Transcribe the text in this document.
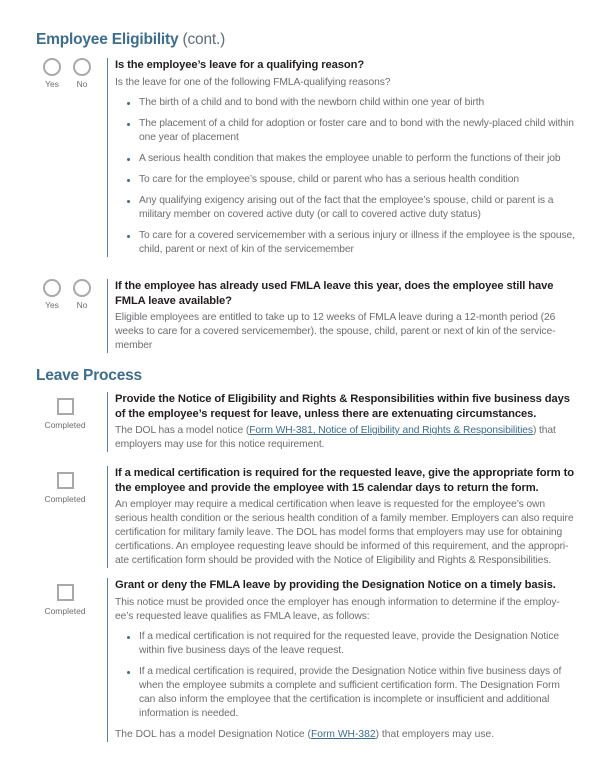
Employee Eligibility (cont.)
Yes No
Is the employee’s leave for a qualifying reason?
Is the leave for one of the following FMLA-qualifying reasons?
The birth of a child and to bond with the newborn child within one year of birth
The placement of a child for adoption or foster care and to bond with the newly-placed child within one year of placement
A serious health condition that makes the employee unable to perform the functions of their job
To care for the employee’s spouse, child or parent who has a serious health condition
Any qualifying exigency arising out of the fact that the employee’s spouse, child or parent is a military member on covered active duty (or call to covered active duty status)
To care for a covered servicemember with a serious injury or illness if the employee is the spouse, child, parent or next of kin of the servicemember
Yes No
If the employee has already used FMLA leave this year, does the employee still have FMLA leave available?
Eligible employees are entitled to take up to 12 weeks of FMLA leave during a 12-month period (26 weeks to care for a covered servicemember). the spouse, child, parent or next of kin of the service-member
Leave Process
Completed
Provide the Notice of Eligibility and Rights & Responsibilities within five business days of the employee’s request for leave, unless there are extenuating circumstances.
The DOL has a model notice (Form WH-381, Notice of Eligibility and Rights & Responsibilities) that employers may use for this notice requirement.
Completed
If a medical certification is required for the requested leave, give the appropriate form to the employee and provide the employee with 15 calendar days to return the form.
An employer may require a medical certification when leave is requested for the employee’s own serious health condition or the serious health condition of a family member. Employers can also require certification for military family leave. The DOL has model forms that employers may use for obtaining certifications. An employee requesting leave should be informed of this requirement, and the appropri-ate certification form should be provided with the Notice of Eligibility and Rights & Responsibilities.
Completed
Grant or deny the FMLA leave by providing the Designation Notice on a timely basis.
This notice must be provided once the employer has enough information to determine if the employ-ee’s requested leave qualifies as FMLA leave, as follows:
If a medical certification is not required for the requested leave, provide the Designation Notice within five business days of the leave request.
If a medical certification is required, provide the Designation Notice within five business days of when the employee submits a complete and sufficient certification form. The Designation Form can also inform the employee that the certification is incomplete or insufficient and additional information is needed.
The DOL has a model Designation Notice (Form WH-382) that employers may use.
